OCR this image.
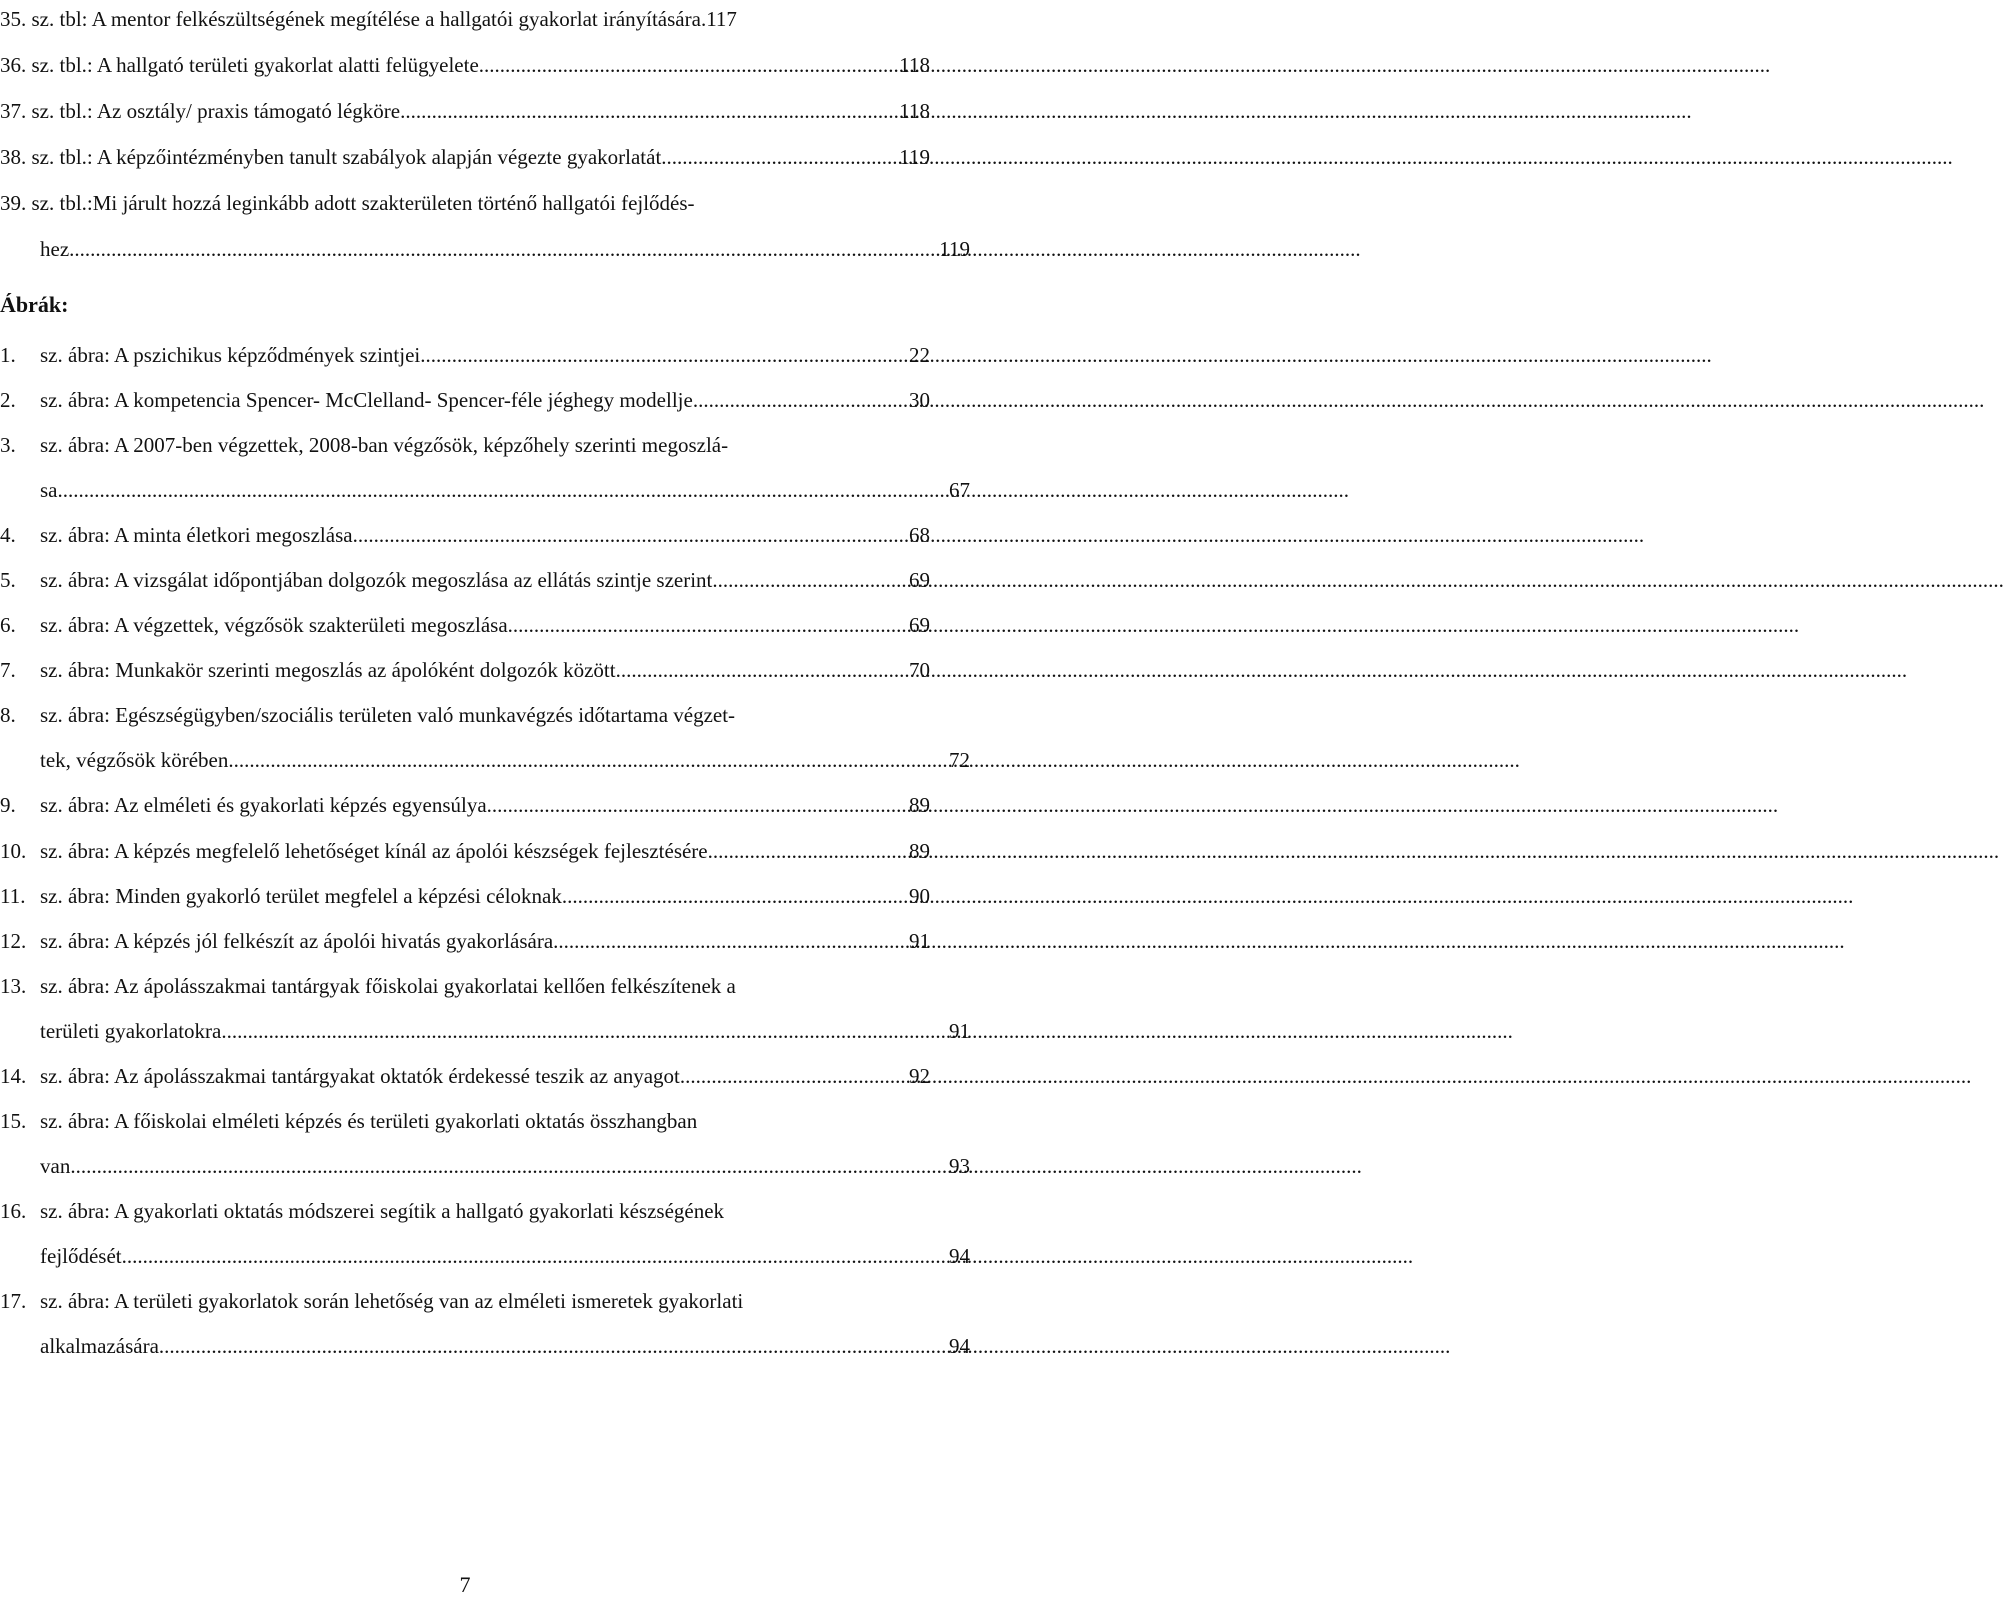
35. sz. tbl: A mentor felkészültségének megítélése a hallgatói gyakorlat irányítására. 117
36. sz. tbl.: A hallgató területi gyakorlat alatti felügyelete .....	118
37. sz. tbl.: Az osztály/ praxis támogató légköre .....	118
38. sz. tbl.: A képzőintézményben tanult szabályok alapján végezte gyakorlatát .....	119
39. sz. tbl.:Mi járult hozzá leginkább adott szakterületen történő hallgatói fejlődés-
hez .....	119
Ábrák:
1.	sz. ábra: A pszichikus képződmények szintjei .....	22
2.	sz. ábra: A kompetencia Spencer- McClelland- Spencer-féle jéghegy modellje .....	30
3.	sz. ábra: A 2007-ben végzettek, 2008-ban végzősök, képzőhely szerinti megoszlá-
sa .....	67
4.	sz. ábra: A minta életkori megoszlása .....	68
5.	sz. ábra: A vizsgálat időpontjában dolgozók megoszlása az ellátás szintje szerint .....	69
6.	sz. ábra: A végzettek, végzősök szakterületi megoszlása .....	69
7.	sz. ábra: Munkakör szerinti megoszlás az ápolóként dolgozók között .....	70
8.	sz. ábra: Egészségügyben/szociális területen való munkavégzés időtartama végzet-
tek, végzősök körében .....	72
9.	sz. ábra: Az elméleti és gyakorlati képzés egyensúlya .....	89
10. sz. ábra: A képzés megfelelő lehetőséget kínál az ápolói készségek fejlesztésére .....	89
11. sz. ábra: Minden gyakorló terület megfelel a képzési céloknak .....	90
12. sz. ábra: A képzés jól felkészít az ápolói hivatás gyakorlására .....	91
13. sz. ábra: Az ápolásszakmai tantárgyak főiskolai gyakorlatai kellően felkészítenek a
területi gyakorlatokra .....	91
14. sz. ábra: Az ápolásszakmai tantárgyakat oktatók érdekessé teszik az anyagot .....	92
15. sz. ábra: A főiskolai elméleti képzés és területi gyakorlati oktatás összhangban
van .....	93
16. sz. ábra: A gyakorlati oktatás módszerei segítik a hallgató gyakorlati készségének
fejlődését .....	94
17. sz. ábra: A területi gyakorlatok során lehetőség van az elméleti ismeretek gyakorlati
alkalmazására .....	94
7
